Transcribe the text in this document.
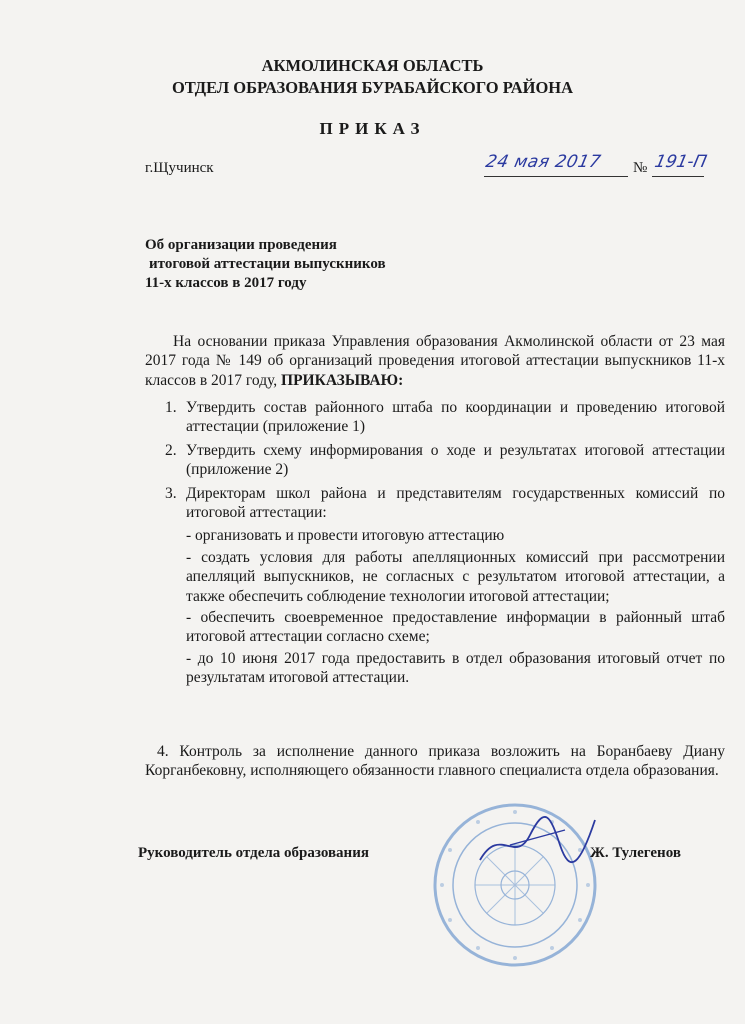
АКМОЛИНСКАЯ ОБЛАСТЬ
ОТДЕЛ ОБРАЗОВАНИЯ БУРАБАЙСКОГО РАЙОНА
ПРИКАЗ
г.Щучинск	24 мая 2017 № 191-П
Об организации проведения
итоговой аттестации выпускников
11-х классов в 2017 году
На основании приказа Управления образования Акмолинской области от 23 мая 2017 года № 149 об организаций проведения итоговой аттестации выпускников 11-х классов в 2017 году, ПРИКАЗЫВАЮ:
1. Утвердить состав районного штаба по координации и проведению итоговой аттестации (приложение 1)
2. Утвердить схему информирования о ходе и результатах итоговой аттестации (приложение 2)
3. Директорам школ района и представителям государственных комиссий по итоговой аттестации:

- организовать и провести итоговую аттестацию

- создать условия для работы апелляционных комиссий при рассмотрении апелляций выпускников, не согласных с результатом итоговой аттестации, а также обеспечить соблюдение технологии итоговой аттестации;

- обеспечить своевременное предоставление информации в районный штаб итоговой аттестации согласно схеме;

- до 10 июня 2017 года предоставить в отдел образования итоговый отчет по результатам итоговой аттестации.

4. Контроль за исполнение данного приказа возложить на Боранбаеву Диану Корганбековну, исполняющего обязанности главного специалиста отдела образования.
Руководитель отдела образования	Ж. Тулегенов
